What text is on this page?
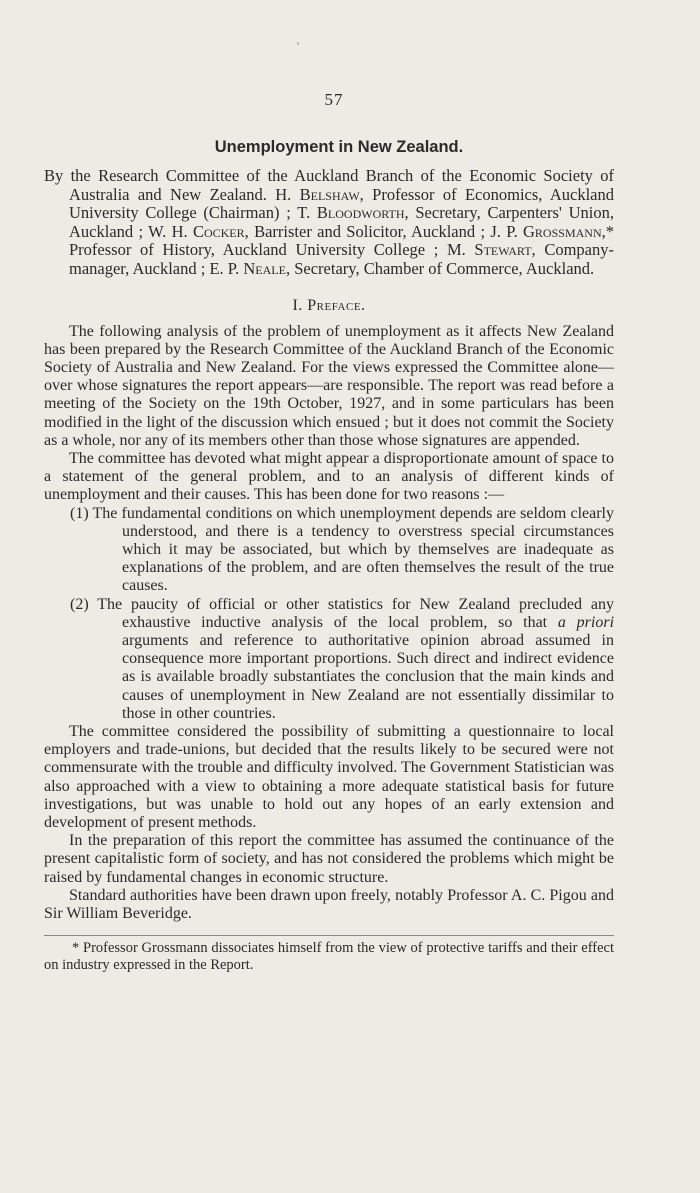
57
Unemployment in New Zealand.
By the Research Committee of the Auckland Branch of the Economic Society of Australia and New Zealand. H. Belshaw, Professor of Economics, Auckland University College (Chairman) ; T. Bloodworth, Secretary, Carpenters' Union, Auckland ; W. H. Cocker, Barrister and Solicitor, Auckland ; J. P. Grossmann,* Professor of History, Auckland University College ; M. Stewart, Company-manager, Auckland ; E. P. Neale, Secretary, Chamber of Commerce, Auckland.
I. Preface.

The following analysis of the problem of unemployment as it affects New Zealand has been prepared by the Research Committee of the Auckland Branch of the Economic Society of Australia and New Zealand. For the views expressed the Committee alone—over whose signatures the report appears—are responsible. The report was read before a meeting of the Society on the 19th October, 1927, and in some particulars has been modified in the light of the discussion which ensued ; but it does not commit the Society as a whole, nor any of its members other than those whose signatures are appended.

The committee has devoted what might appear a disproportionate amount of space to a statement of the general problem, and to an analysis of different kinds of unemployment and their causes. This has been done for two reasons :—

(1) The fundamental conditions on which unemployment depends are seldom clearly understood, and there is a tendency to overstress special circumstances which it may be associated, but which by themselves are inadequate as explanations of the problem, and are often themselves the result of the true causes.
(2) The paucity of official or other statistics for New Zealand precluded any exhaustive inductive analysis of the local problem, so that a priori arguments and reference to authoritative opinion abroad assumed in consequence more important proportions. Such direct and indirect evidence as is available broadly substantiates the conclusion that the main kinds and causes of unemployment in New Zealand are not essentially dissimilar to those in other countries.

The committee considered the possibility of submitting a questionnaire to local employers and trade-unions, but decided that the results likely to be secured were not commensurate with the trouble and difficulty involved. The Government Statistician was also approached with a view to obtaining a more adequate statistical basis for future investigations, but was unable to hold out any hopes of an early extension and development of present methods.

In the preparation of this report the committee has assumed the continuance of the present capitalistic form of society, and has not considered the problems which might be raised by fundamental changes in economic structure.

Standard authorities have been drawn upon freely, notably Professor A. C. Pigou and Sir William Beveridge.

* Professor Grossmann dissociates himself from the view of protective tariffs and their effect on industry expressed in the Report.
